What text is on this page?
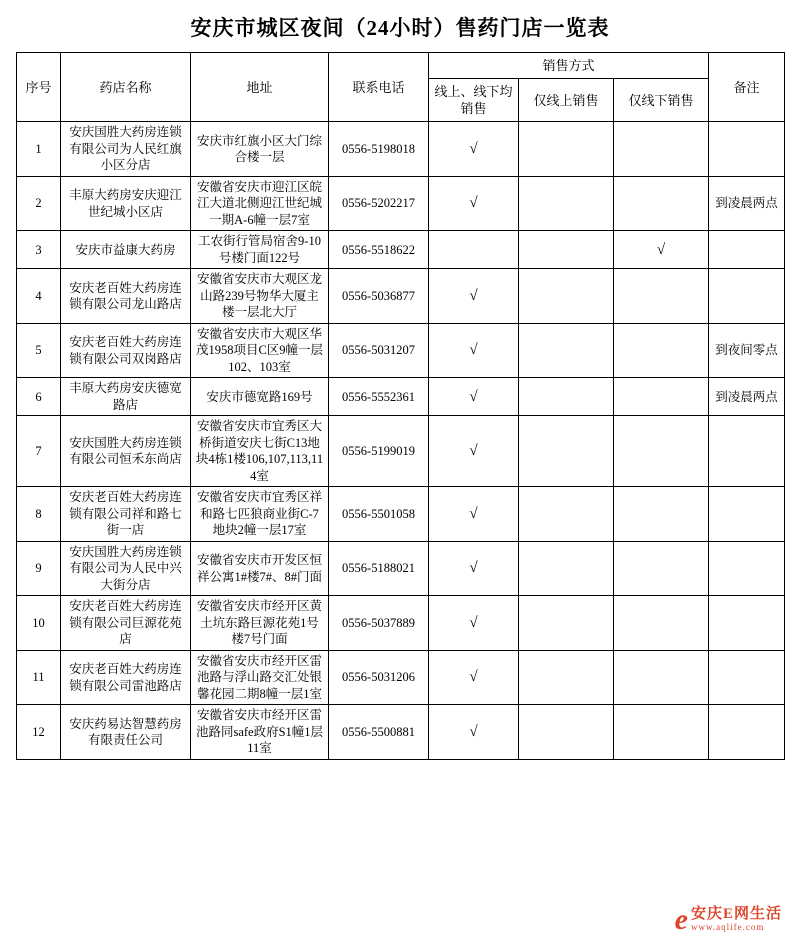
安庆市城区夜间（24小时）售药门店一览表
序号	药店名称	地址	联系电话	销售方式			备注
				线上、线下均销售	仅线上销售	仅线下销售	
1	安庆国胜大药房连锁有限公司为人民红旗小区分店	安庆市红旗小区大门综合楼一层	0556-5198018	√			
2	丰原大药房安庆迎江世纪城小区店	安徽省安庆市迎江区皖江大道北侧迎江世纪城一期A-6幢一层7室	0556-5202217	√			到凌晨两点
3	安庆市益康大药房	工农街行管局宿舍9-10号楼门面122号	0556-5518622			√	
4	安庆老百姓大药房连锁有限公司龙山路店	安徽省安庆市大观区龙山路239号物华大厦主楼一层北大厅	0556-5036877	√			
5	安庆老百姓大药房连锁有限公司双岗路店	安徽省安庆市大观区华茂1958项目C区9幢一层102、103室	0556-5031207	√			到夜间零点
6	丰原大药房安庆德宽路店	安庆市德宽路169号	0556-5552361	√			到凌晨两点
7	安庆国胜大药房连锁有限公司恒禾东尚店	安徽省安庆市宜秀区大桥街道安庆七街C13地块4栋1楼106,107,113,114室	0556-5199019	√			
8	安庆老百姓大药房连锁有限公司祥和路七街一店	安徽省安庆市宜秀区祥和路七匹狼商业街C-7地块2幢一层17室	0556-5501058	√			
9	安庆国胜大药房连锁有限公司为人民中兴大街分店	安徽省安庆市开发区恒祥公寓1#楼7#、8#门面	0556-5188021	√			
10	安庆老百姓大药房连锁有限公司巨源花苑店	安徽省安庆市经开区黄土坑东路巨源花苑1号楼7号门面	0556-5037889	√			
11	安庆老百姓大药房连锁有限公司雷池路店	安徽省安庆市经开区雷池路与浮山路交汇处银馨花园二期8幢一层1室	0556-5031206	√			
12	安庆药易达智慧药房有限责任公司	安徽省安庆市经开区雷池路同safe政府S1幢1层11室	0556-5500881	√			
e 安庆E网生活
www.aqlife.com
